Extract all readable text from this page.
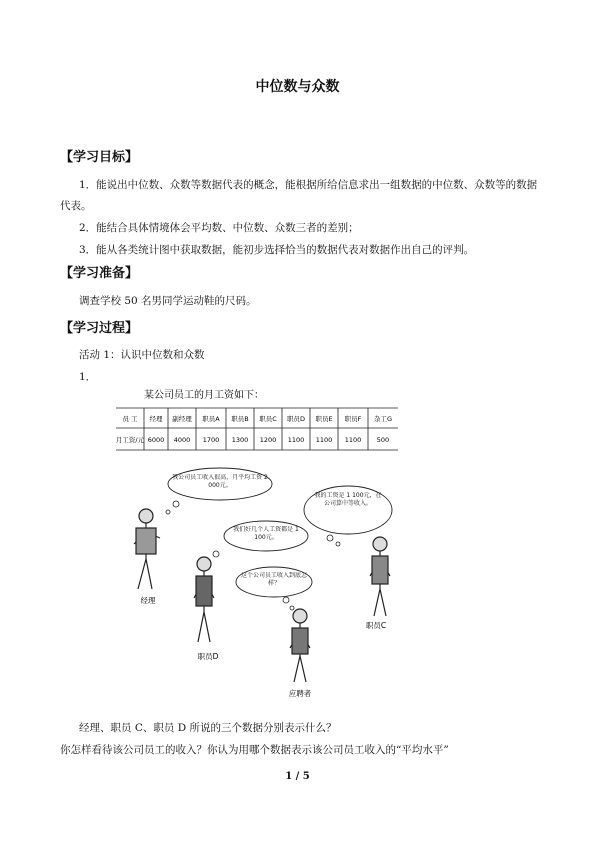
中位数与众数
【学习目标】
1．能说出中位数、众数等数据代表的概念，能根据所给信息求出一组数据的中位数、众数等的数据代表。
2．能结合具体情境体会平均数、中位数、众数三者的差别；
3．能从各类统计图中获取数据，能初步选择恰当的数据代表对数据作出自己的评判。
【学习准备】
调查学校 50 名男同学运动鞋的尺码。
【学习过程】
活动 1：认识中位数和众数
1．
某公司员工的月工资如下：
员 工 经理 副经理 职员A 职员B 职员C 职员D 职员E 职员F 杂工G
月工资/元 6000 4000 1700 1300 1200 1100 1100 1100 500
我公司员工收入很高，月平均工资 2 000元。
我的工资是 1 100元，在公司算中等收入。
我们好几个人工资都是 1 100元。
这个公司员工收入到底怎样？
经理
职员D
职员C
应聘者
经理、职员 C、职员 D 所说的三个数据分别表示什么？
你怎样看待该公司员工的收入？你认为用哪个数据表示该公司员工收入的“平均水平”
1 / 5
